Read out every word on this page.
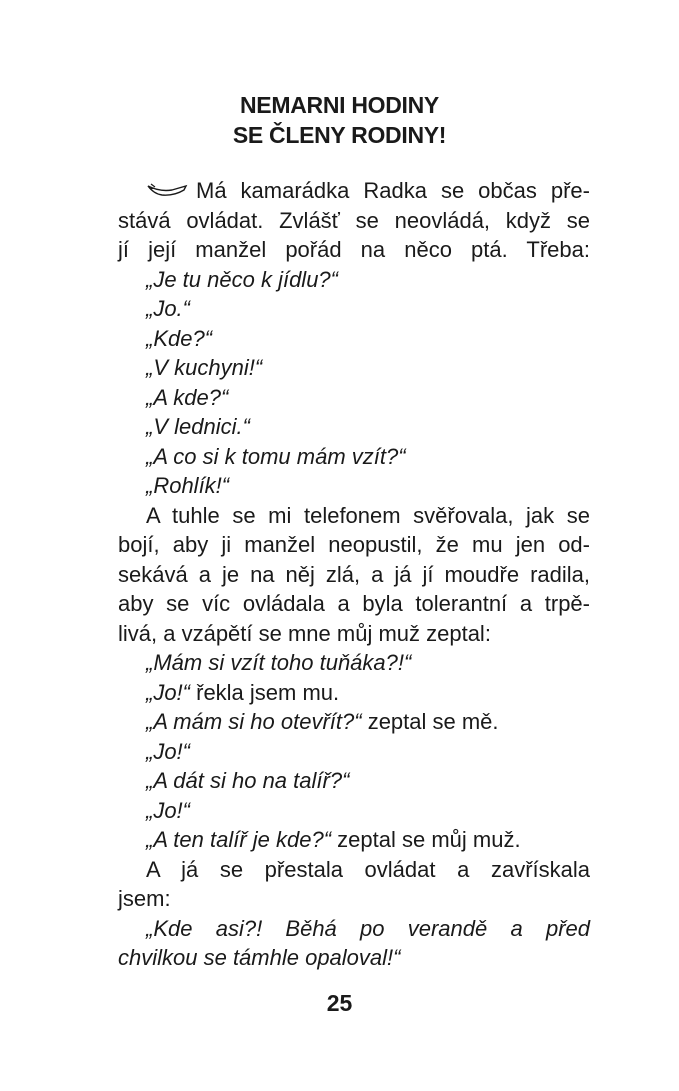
NEMARNI HODINY
SE ČLENY RODINY!
Má kamarádka Radka se občas pře-
stává ovládat. Zvlášť se neovládá, když se
jí její manžel pořád na něco ptá. Třeba:
„Je tu něco k jídlu?“
„Jo.“
„Kde?“
„V kuchyni!“
„A kde?“
„V lednici.“
„A co si k tomu mám vzít?“
„Rohlík!“
A tuhle se mi telefonem svěřovala, jak se
bojí, aby ji manžel neopustil, že mu jen od-
sekává a je na něj zlá, a já jí moudře radila,
aby se víc ovládala a byla tolerantní a trpě-
livá, a vzápětí se mne můj muž zeptal:
„Mám si vzít toho tuňáka?!“
„Jo!“ řekla jsem mu.
„A mám si ho otevřít?“ zeptal se mě.
„Jo!“
„A dát si ho na talíř?“
„Jo!“
„A ten talíř je kde?“ zeptal se můj muž.
A já se přestala ovládat a zavřískala
jsem:
„Kde asi?! Běhá po verandě a před
chvilkou se támhle opaloval!“
25
